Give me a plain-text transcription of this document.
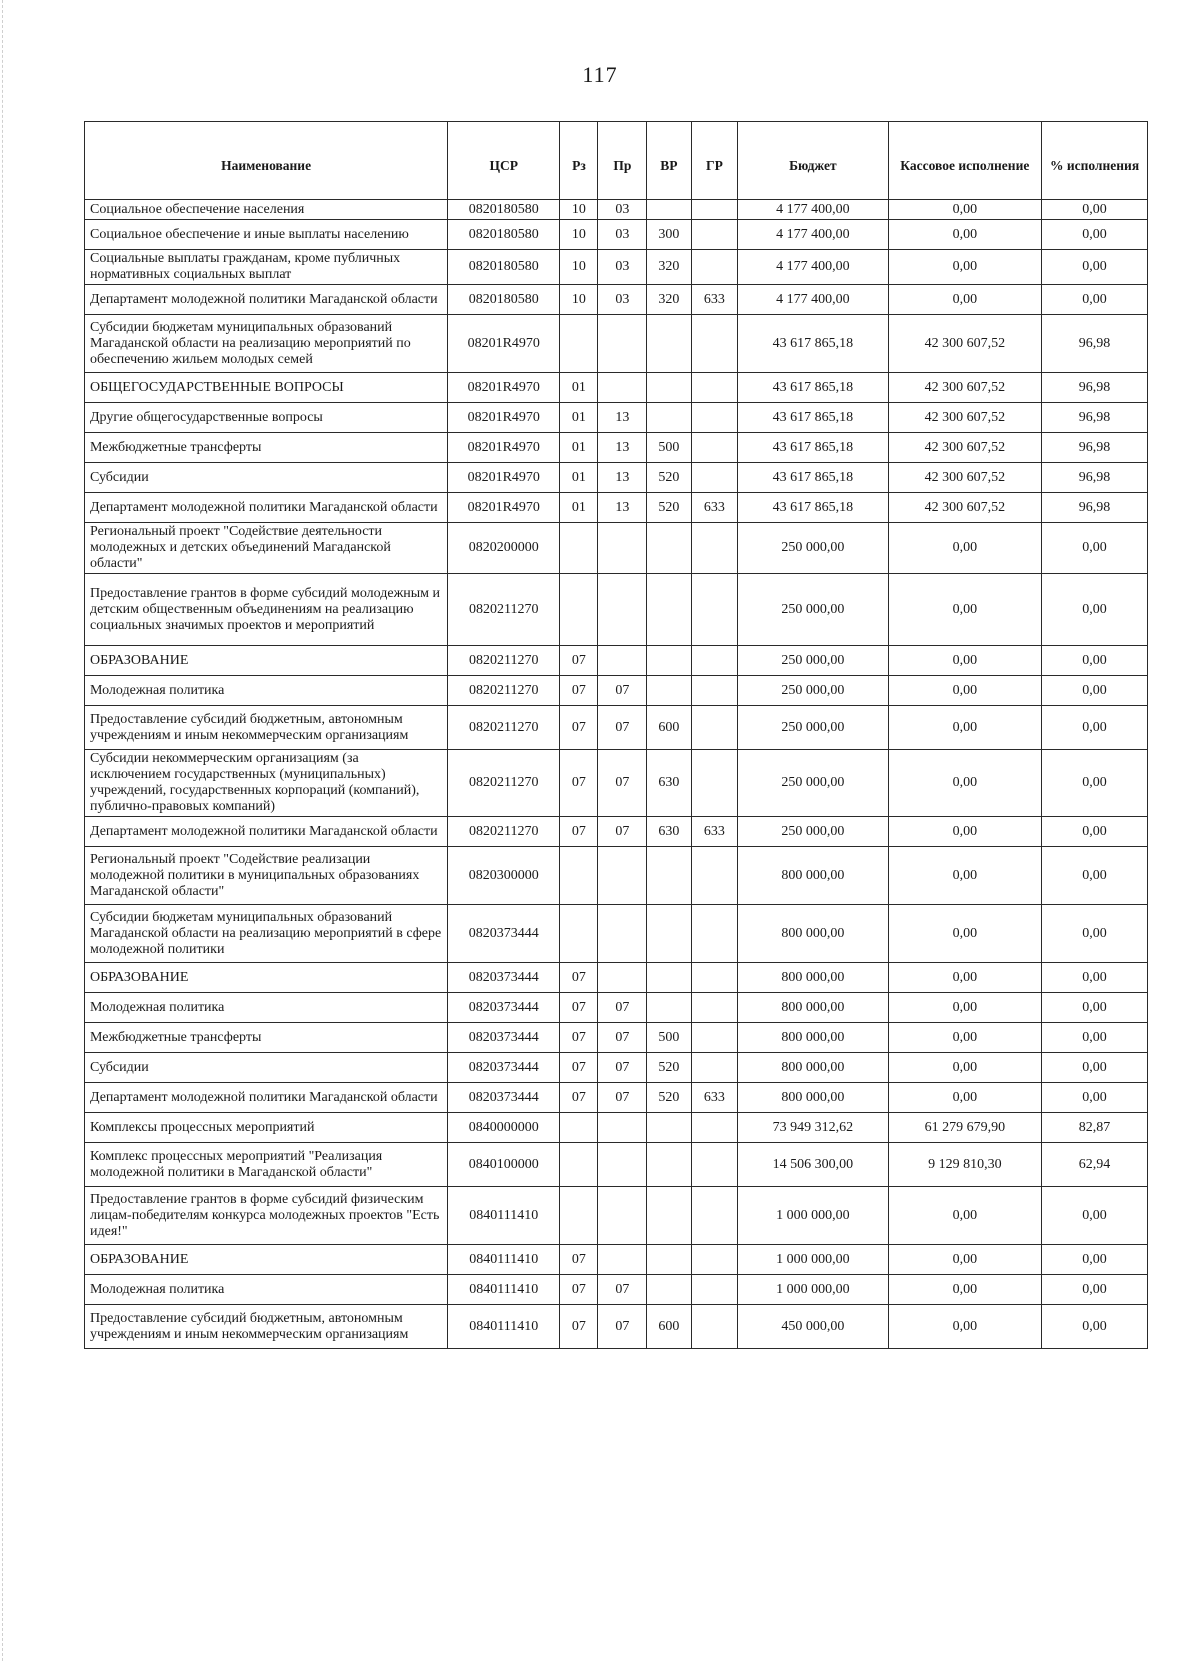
117
Наименование	ЦСР	Рз	Пр	ВР	ГР	Бюджет	Кассовое исполнение	% исполнения
Социальное обеспечение населения	0820180580	10	03			4 177 400,00	0,00	0,00
Социальное обеспечение и иные выплаты населению	0820180580	10	03	300		4 177 400,00	0,00	0,00
Социальные выплаты гражданам, кроме публичных нормативных социальных выплат	0820180580	10	03	320		4 177 400,00	0,00	0,00
Департамент молодежной политики Магаданской области	0820180580	10	03	320	633	4 177 400,00	0,00	0,00
Субсидии бюджетам муниципальных образований Магаданской области на реализацию мероприятий по обеспечению жильем молодых семей	08201R4970					43 617 865,18	42 300 607,52	96,98
ОБЩЕГОСУДАРСТВЕННЫЕ ВОПРОСЫ	08201R4970	01				43 617 865,18	42 300 607,52	96,98
Другие общегосударственные вопросы	08201R4970	01	13			43 617 865,18	42 300 607,52	96,98
Межбюджетные трансферты	08201R4970	01	13	500		43 617 865,18	42 300 607,52	96,98
Субсидии	08201R4970	01	13	520		43 617 865,18	42 300 607,52	96,98
Департамент молодежной политики Магаданской области	08201R4970	01	13	520	633	43 617 865,18	42 300 607,52	96,98
Региональный проект "Содействие деятельности молодежных и детских объединений Магаданской области"	0820200000					250 000,00	0,00	0,00
Предоставление грантов в форме субсидий молодежным и детским общественным объединениям на реализацию социальных значимых проектов и мероприятий	0820211270					250 000,00	0,00	0,00
ОБРАЗОВАНИЕ	0820211270	07				250 000,00	0,00	0,00
Молодежная политика	0820211270	07	07			250 000,00	0,00	0,00
Предоставление субсидий бюджетным, автономным учреждениям и иным некоммерческим организациям	0820211270	07	07	600		250 000,00	0,00	0,00
Субсидии некоммерческим организациям (за исключением государственных (муниципальных) учреждений, государственных корпораций (компаний), публично-правовых компаний)	0820211270	07	07	630		250 000,00	0,00	0,00
Департамент молодежной политики Магаданской области	0820211270	07	07	630	633	250 000,00	0,00	0,00
Региональный проект "Содействие реализации молодежной политики в муниципальных образованиях Магаданской области"	0820300000					800 000,00	0,00	0,00
Субсидии бюджетам муниципальных образований Магаданской области на реализацию мероприятий в сфере молодежной политики	0820373444					800 000,00	0,00	0,00
ОБРАЗОВАНИЕ	0820373444	07				800 000,00	0,00	0,00
Молодежная политика	0820373444	07	07			800 000,00	0,00	0,00
Межбюджетные трансферты	0820373444	07	07	500		800 000,00	0,00	0,00
Субсидии	0820373444	07	07	520		800 000,00	0,00	0,00
Департамент молодежной политики Магаданской области	0820373444	07	07	520	633	800 000,00	0,00	0,00
Комплексы процессных мероприятий	0840000000					73 949 312,62	61 279 679,90	82,87
Комплекс процессных мероприятий "Реализация молодежной политики в Магаданской области"	0840100000					14 506 300,00	9 129 810,30	62,94
Предоставление грантов в форме субсидий физическим лицам-победителям конкурса молодежных проектов "Есть идея!"	0840111410					1 000 000,00	0,00	0,00
ОБРАЗОВАНИЕ	0840111410	07				1 000 000,00	0,00	0,00
Молодежная политика	0840111410	07	07			1 000 000,00	0,00	0,00
Предоставление субсидий бюджетным, автономным учреждениям и иным некоммерческим организациям	0840111410	07	07	600		450 000,00	0,00	0,00
